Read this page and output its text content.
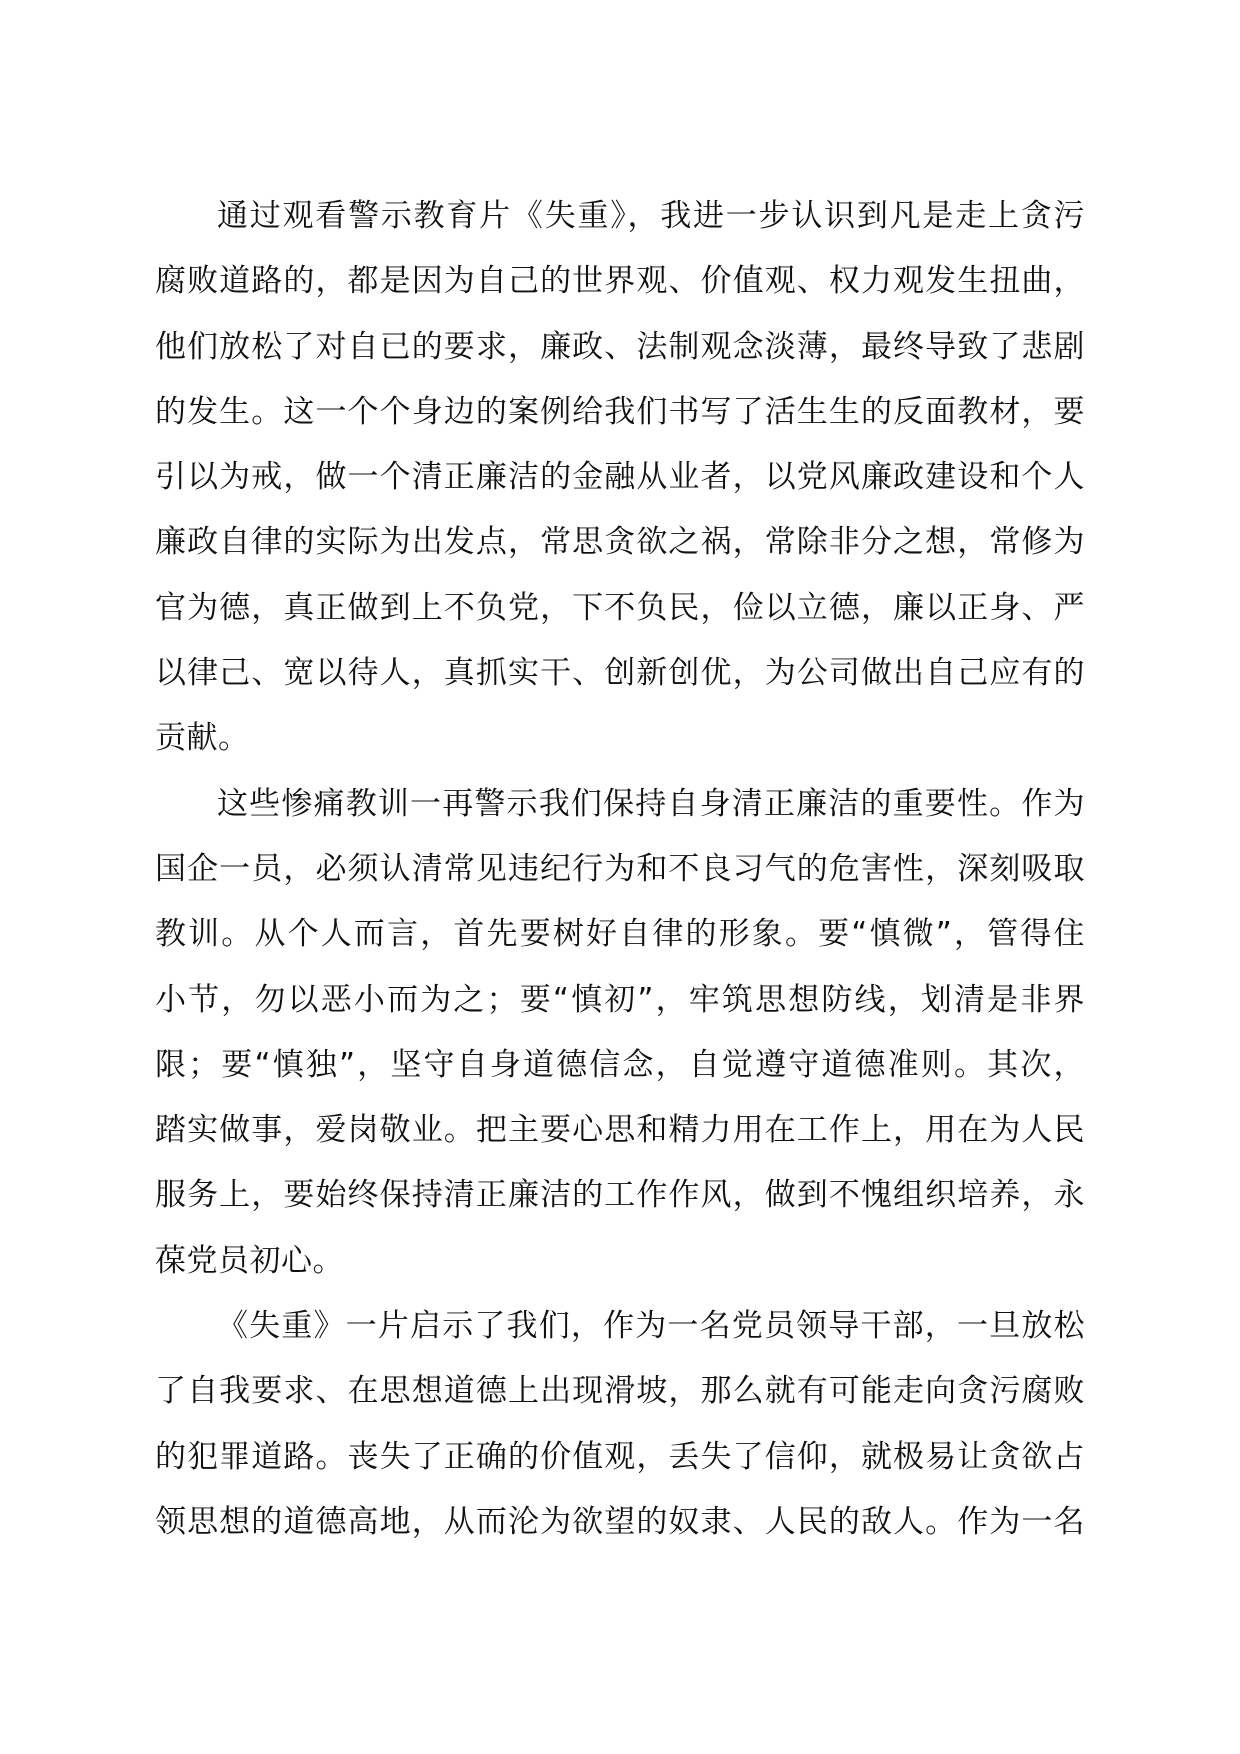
通过观看警示教育片《失重》，我进一步认识到凡是走上贪污

腐败道路的，都是因为自己的世界观、价值观、权力观发生扭曲，

他们放松了对自已的要求，廉政、法制观念淡薄，最终导致了悲剧

的发生。这一个个身边的案例给我们书写了活生生的反面教材，要

引以为戒，做一个清正廉洁的金融从业者，以党风廉政建设和个人

廉政自律的实际为出发点，常思贪欲之祸，常除非分之想，常修为

官为德，真正做到上不负党，下不负民，俭以立德，廉以正身、严

以律己、宽以待人，真抓实干、创新创优，为公司做出自己应有的

贡献。

这些惨痛教训一再警示我们保持自身清正廉洁的重要性。作为

国企一员，必须认清常见违纪行为和不良习气的危害性，深刻吸取

教训。从个人而言，首先要树好自律的形象。要“慎微”，管得住

小节，勿以恶小而为之；要“慎初”，牢筑思想防线，划清是非界

限；要“慎独”，坚守自身道德信念，自觉遵守道德准则。其次，

踏实做事，爱岗敬业。把主要心思和精力用在工作上，用在为人民

服务上，要始终保持清正廉洁的工作作风，做到不愧组织培养，永

葆党员初心。

《失重》一片启示了我们，作为一名党员领导干部，一旦放松

了自我要求、在思想道德上出现滑坡，那么就有可能走向贪污腐败

的犯罪道路。丧失了正确的价值观，丢失了信仰，就极易让贪欲占

领思想的道德高地，从而沦为欲望的奴隶、人民的敌人。作为一名
